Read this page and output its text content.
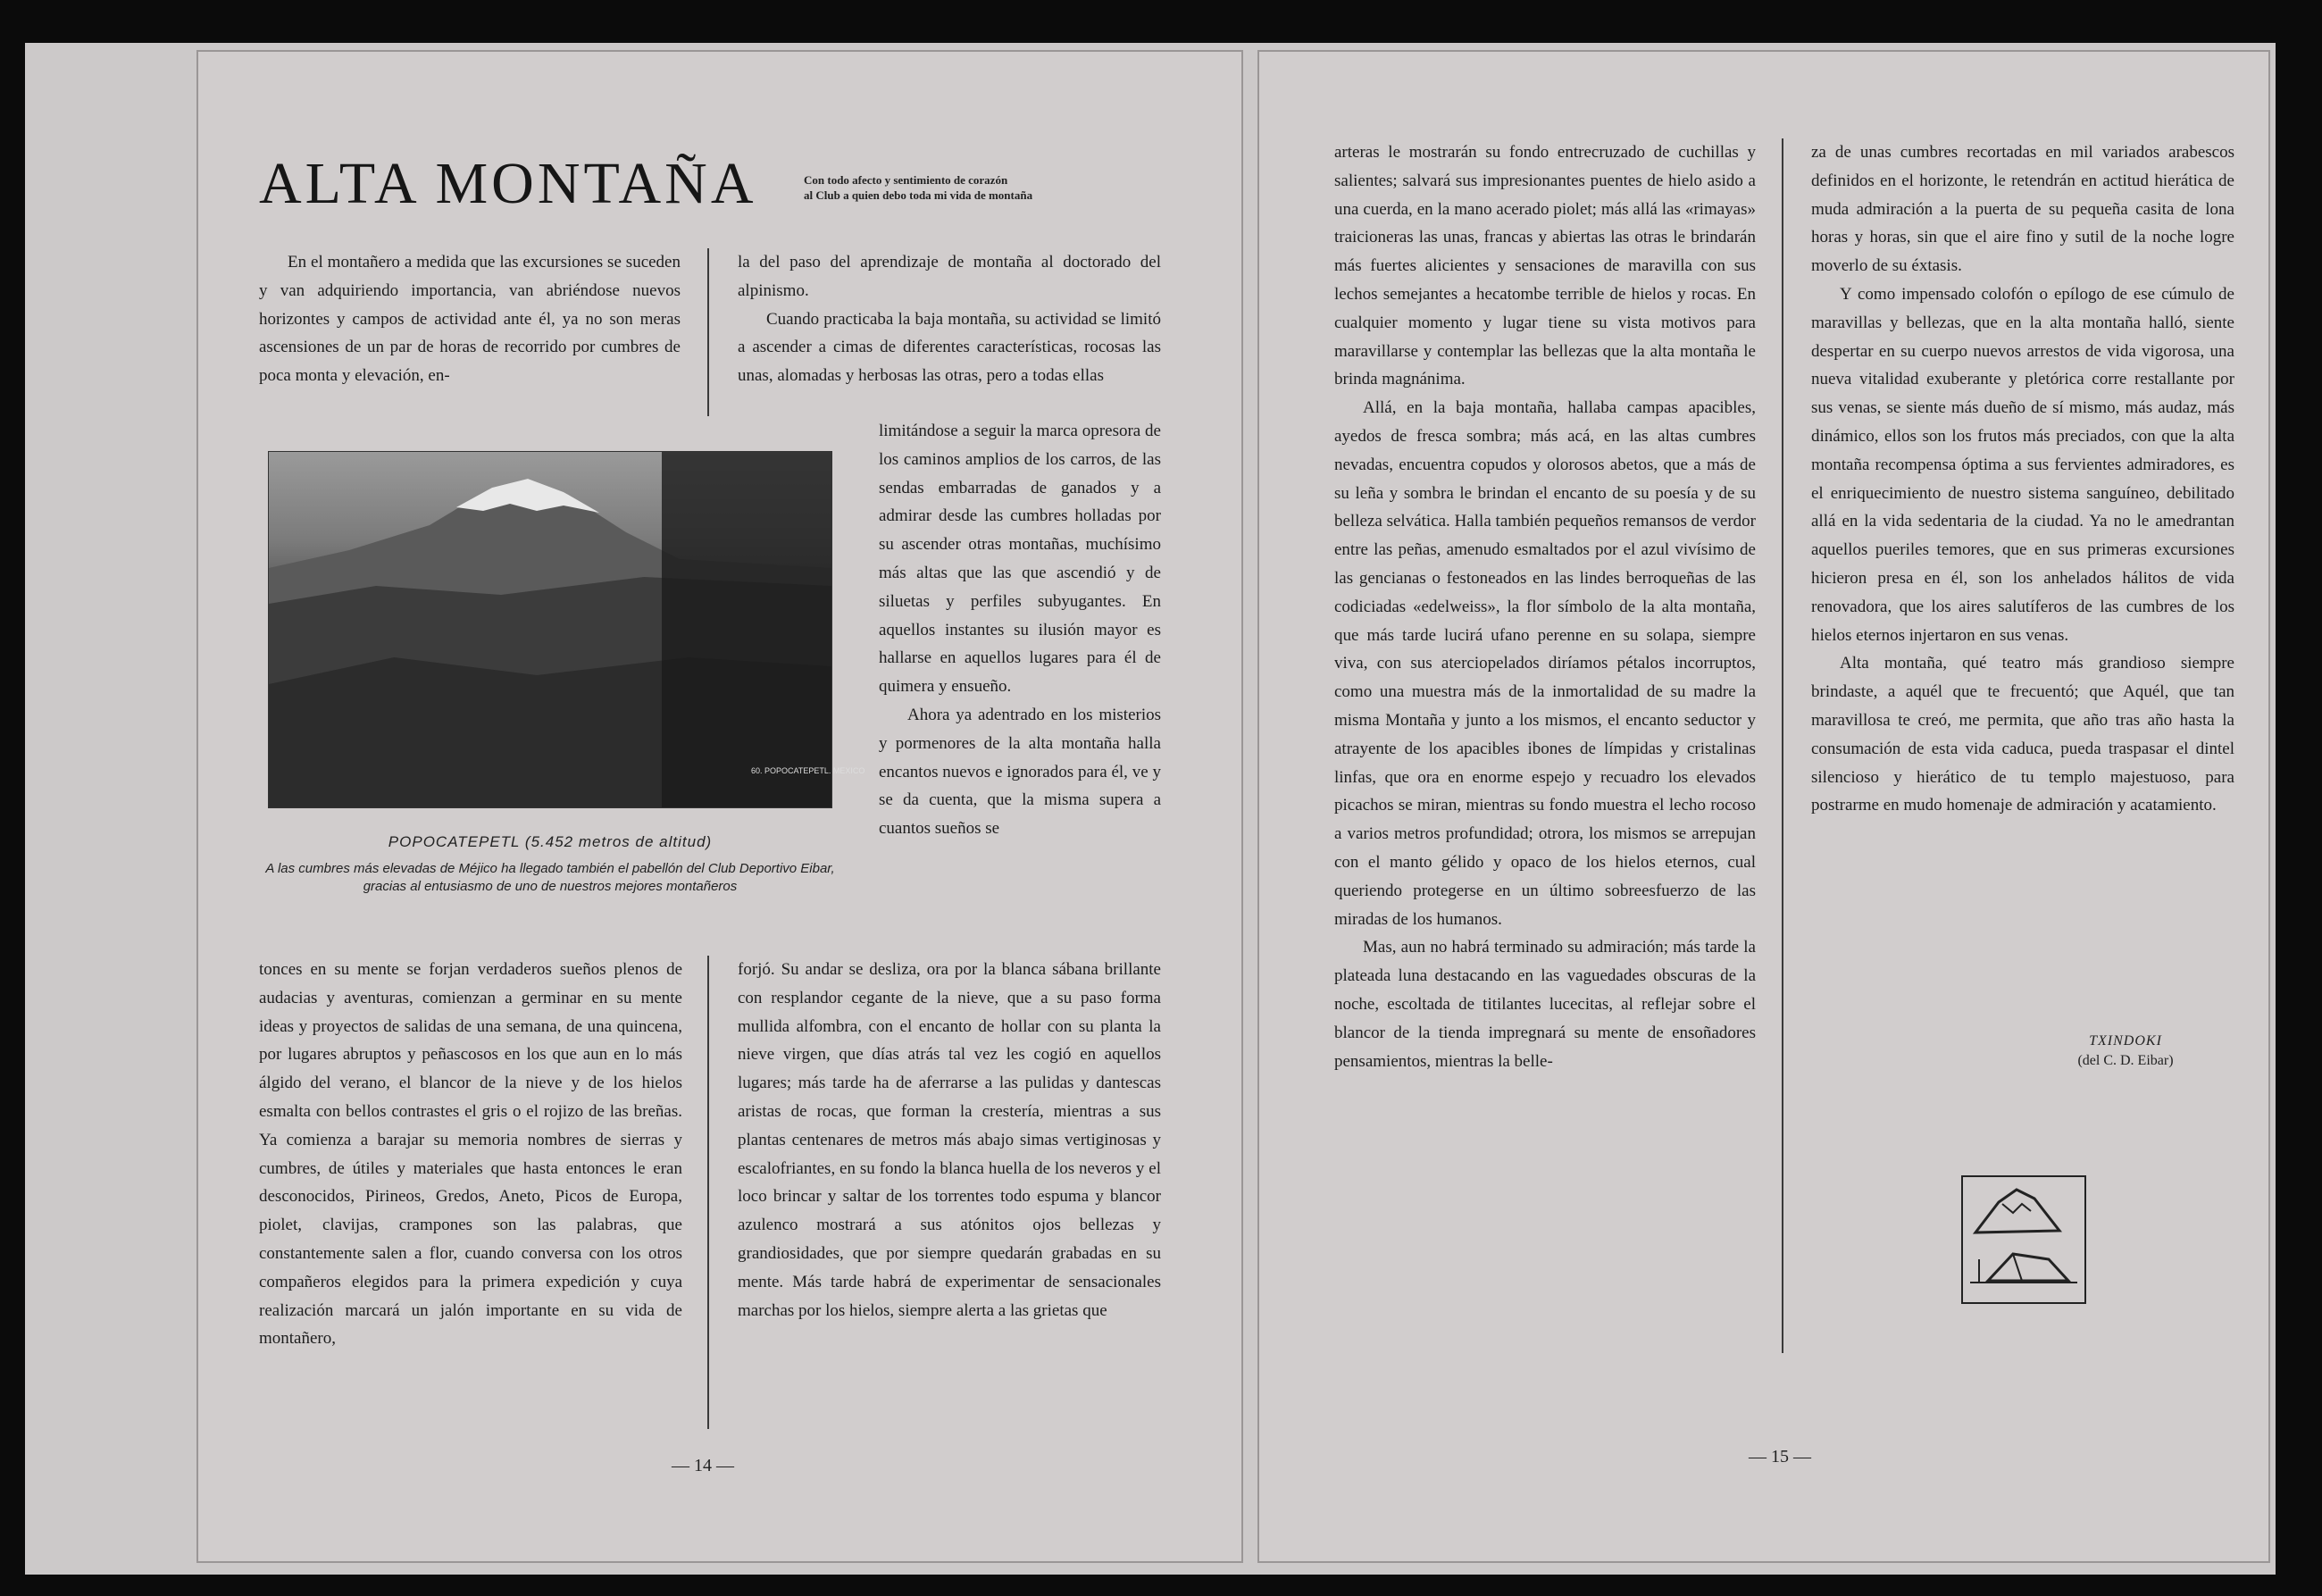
ALTA MONTAÑA	Con todo afecto y sentimiento de corazón
al Club a quien debo toda mi vida de montaña

En el montañero a medida que las excursiones se suceden y van adquiriendo importancia, van abriéndose nuevos horizontes y campos de actividad ante él, ya no son meras ascensiones de un par de horas de recorrido por cumbres de poca monta y elevación, en-

la del paso del aprendizaje de montaña al doctorado del alpinismo.

Cuando practicaba la baja montaña, su actividad se limitó a ascender a cimas de diferentes características, rocosas las unas, alomadas y herbosas las otras, pero a todas ellas

limitándose a seguir la marca opresora de los caminos amplios de los carros, de las sendas embarradas de ganados y a admirar desde las cumbres holladas por su ascender otras montañas, muchísimo más altas que las que ascendió y de siluetas y perfiles subyugantes. En aquellos instantes su ilusión mayor es hallarse en aquellos lugares para él de quimera y ensueño.

Ahora ya adentrado en los misterios y pormenores de la alta montaña halla encantos nuevos e ignorados para él, ve y se da cuenta, que la misma supera a cuantos sueños se

60. POPOCATEPETL. MEXICO
POPOCATEPETL (5.452 metros de altitud)
A las cumbres más elevadas de Méjico ha llegado también el pabellón del Club Deportivo Eibar, gracias al entusiasmo de uno de nuestros mejores montañeros

tonces en su mente se forjan verdaderos sueños plenos de audacias y aventuras, comienzan a germinar en su mente ideas y proyectos de salidas de una semana, de una quincena, por lugares abruptos y peñascosos en los que aun en lo más álgido del verano, el blancor de la nieve y de los hielos esmalta con bellos contrastes el gris o el rojizo de las breñas. Ya comienza a barajar su memoria nombres de sierras y cumbres, de útiles y materiales que hasta entonces le eran desconocidos, Pirineos, Gredos, Aneto, Picos de Europa, piolet, clavijas, crampones son las palabras, que constantemente salen a flor, cuando conversa con los otros compañeros elegidos para la primera expedición y cuya realización marcará un jalón importante en su vida de montañero,

forjó. Su andar se desliza, ora por la blanca sábana brillante con resplandor cegante de la nieve, que a su paso forma mullida alfombra, con el encanto de hollar con su planta la nieve virgen, que días atrás tal vez les cogió en aquellos lugares; más tarde ha de aferrarse a las pulidas y dantescas aristas de rocas, que forman la crestería, mientras a sus plantas centenares de metros más abajo simas vertiginosas y escalofriantes, en su fondo la blanca huella de los neveros y el loco brincar y saltar de los torrentes todo espuma y blancor azulenco mostrará a sus atónitos ojos bellezas y grandiosidades, que por siempre quedarán grabadas en su mente. Más tarde habrá de experimentar de sensacionales marchas por los hielos, siempre alerta a las grietas que

— 14 —

arteras le mostrarán su fondo entrecruzado de cuchillas y salientes; salvará sus impresionantes puentes de hielo asido a una cuerda, en la mano acerado piolet; más allá las «rimayas» traicioneras las unas, francas y abiertas las otras le brindarán más fuertes alicientes y sensaciones de maravilla con sus lechos semejantes a hecatombe terrible de hielos y rocas. En cualquier momento y lugar tiene su vista motivos para maravillarse y contemplar las bellezas que la alta montaña le brinda magnánima.

Allá, en la baja montaña, hallaba campas apacibles, ayedos de fresca sombra; más acá, en las altas cumbres nevadas, encuentra copudos y olorosos abetos, que a más de su leña y sombra le brindan el encanto de su poesía y de su belleza selvática. Halla también pequeños remansos de verdor entre las peñas, amenudo esmaltados por el azul vivísimo de las gencianas o festoneados en las lindes berroqueñas de las codiciadas «edelweiss», la flor símbolo de la alta montaña, que más tarde lucirá ufano perenne en su solapa, siempre viva, con sus aterciopelados diríamos pétalos incorruptos, como una muestra más de la inmortalidad de su madre la misma Montaña y junto a los mismos, el encanto seductor y atrayente de los apacibles ibones de límpidas y cristalinas linfas, que ora en enorme espejo y recuadro los elevados picachos se miran, mientras su fondo muestra el lecho rocoso a varios metros profundidad; otrora, los mismos se arrepujan con el manto gélido y opaco de los hielos eternos, cual queriendo protegerse en un último sobreesfuerzo de las miradas de los humanos.

Mas, aun no habrá terminado su admiración; más tarde la plateada luna destacando en las vaguedades obscuras de la noche, escoltada de titilantes lucecitas, al reflejar sobre el blancor de la tienda impregnará su mente de ensoñadores pensamientos, mientras la belle-

za de unas cumbres recortadas en mil variados arabescos definidos en el horizonte, le retendrán en actitud hierática de muda admiración a la puerta de su pequeña casita de lona horas y horas, sin que el aire fino y sutil de la noche logre moverlo de su éxtasis.

Y como impensado colofón o epílogo de ese cúmulo de maravillas y bellezas, que en la alta montaña halló, siente despertar en su cuerpo nuevos arrestos de vida vigorosa, una nueva vitalidad exuberante y pletórica corre restallante por sus venas, se siente más dueño de sí mismo, más audaz, más dinámico, ellos son los frutos más preciados, con que la alta montaña recompensa óptima a sus fervientes admiradores, es el enriquecimiento de nuestro sistema sanguíneo, debilitado allá en la vida sedentaria de la ciudad. Ya no le amedrantan aquellos pueriles temores, que en sus primeras excursiones hicieron presa en él, son los anhelados hálitos de vida renovadora, que los aires salutíferos de las cumbres de los hielos eternos injertaron en sus venas.

Alta montaña, qué teatro más grandioso siempre brindaste, a aquél que te frecuentó; que Aquél, que tan maravillosa te creó, me permita, que año tras año hasta la consumación de esta vida caduca, pueda traspasar el dintel silencioso y hierático de tu templo majestuoso, para postrarme en mudo homenaje de admiración y acatamiento.

TXINDOKI
(del C. D. Eibar)
— 15 —
